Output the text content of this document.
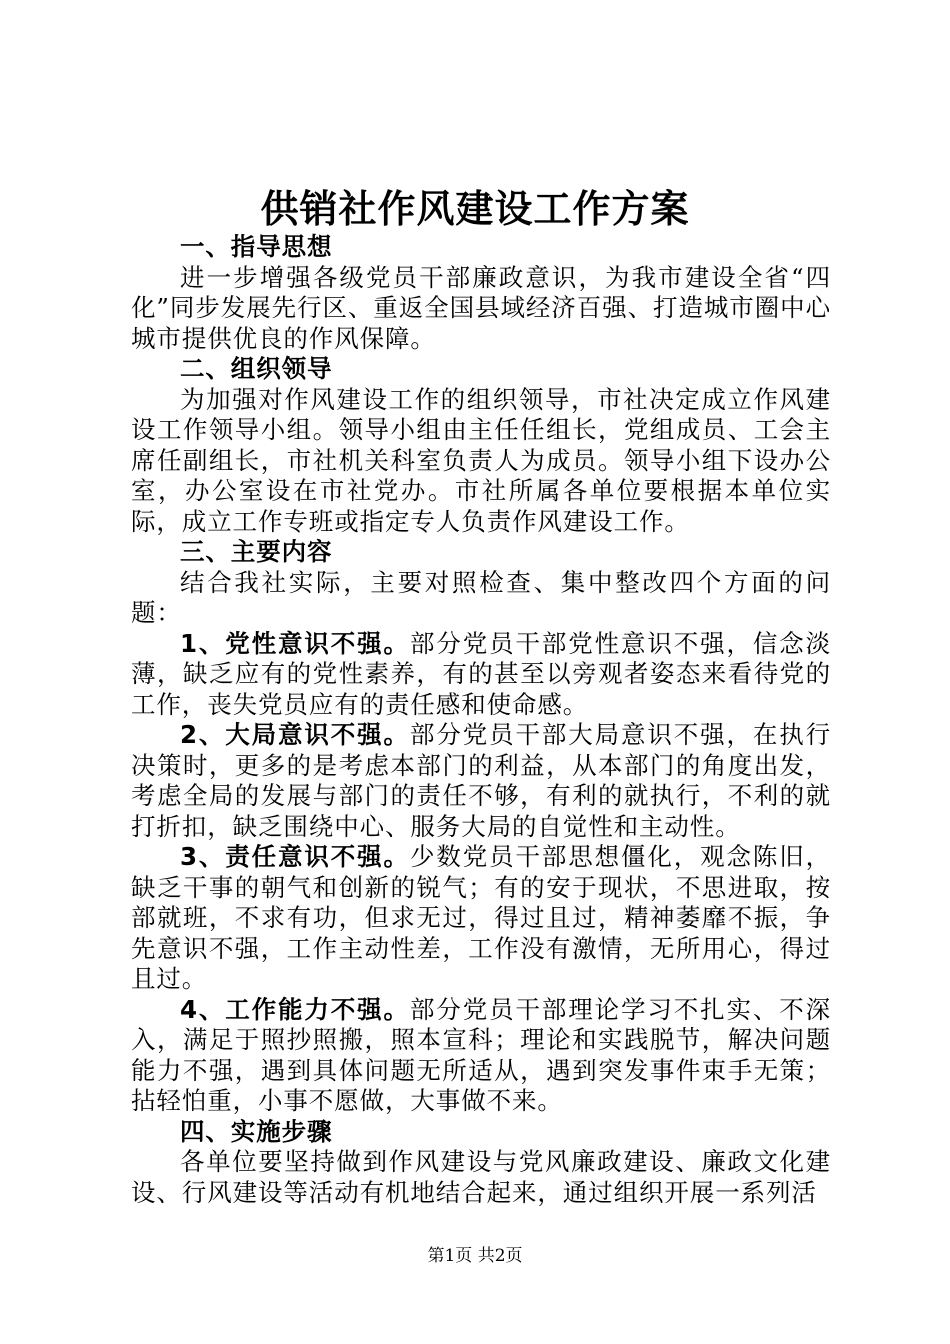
供销社作风建设工作方案

一、指导思想

进一步增强各级党员干部廉政意识，为我市建设全省“四化”同步发展先行区、重返全国县域经济百强、打造城市圈中心城市提供优良的作风保障。

二、组织领导

为加强对作风建设工作的组织领导，市社决定成立作风建设工作领导小组。领导小组由主任任组长，党组成员、工会主席任副组长，市社机关科室负责人为成员。领导小组下设办公室，办公室设在市社党办。市社所属各单位要根据本单位实际，成立工作专班或指定专人负责作风建设工作。

三、主要内容

结合我社实际，主要对照检查、集中整改四个方面的问题：

1、党性意识不强。部分党员干部党性意识不强，信念淡薄，缺乏应有的党性素养，有的甚至以旁观者姿态来看待党的工作，丧失党员应有的责任感和使命感。

2、大局意识不强。部分党员干部大局意识不强，在执行决策时，更多的是考虑本部门的利益，从本部门的角度出发，考虑全局的发展与部门的责任不够，有利的就执行，不利的就打折扣，缺乏围绕中心、服务大局的自觉性和主动性。

3、责任意识不强。少数党员干部思想僵化，观念陈旧，缺乏干事的朝气和创新的锐气；有的安于现状，不思进取，按部就班，不求有功，但求无过，得过且过，精神萎靡不振，争先意识不强，工作主动性差，工作没有激情，无所用心，得过且过。

4、工作能力不强。部分党员干部理论学习不扎实、不深入，满足于照抄照搬，照本宣科；理论和实践脱节，解决问题能力不强，遇到具体问题无所适从，遇到突发事件束手无策；拈轻怕重，小事不愿做，大事做不来。

四、实施步骤

各单位要坚持做到作风建设与党风廉政建设、廉政文化建设、行风建设等活动有机地结合起来，通过组织开展一系列活

第1页 共2页
